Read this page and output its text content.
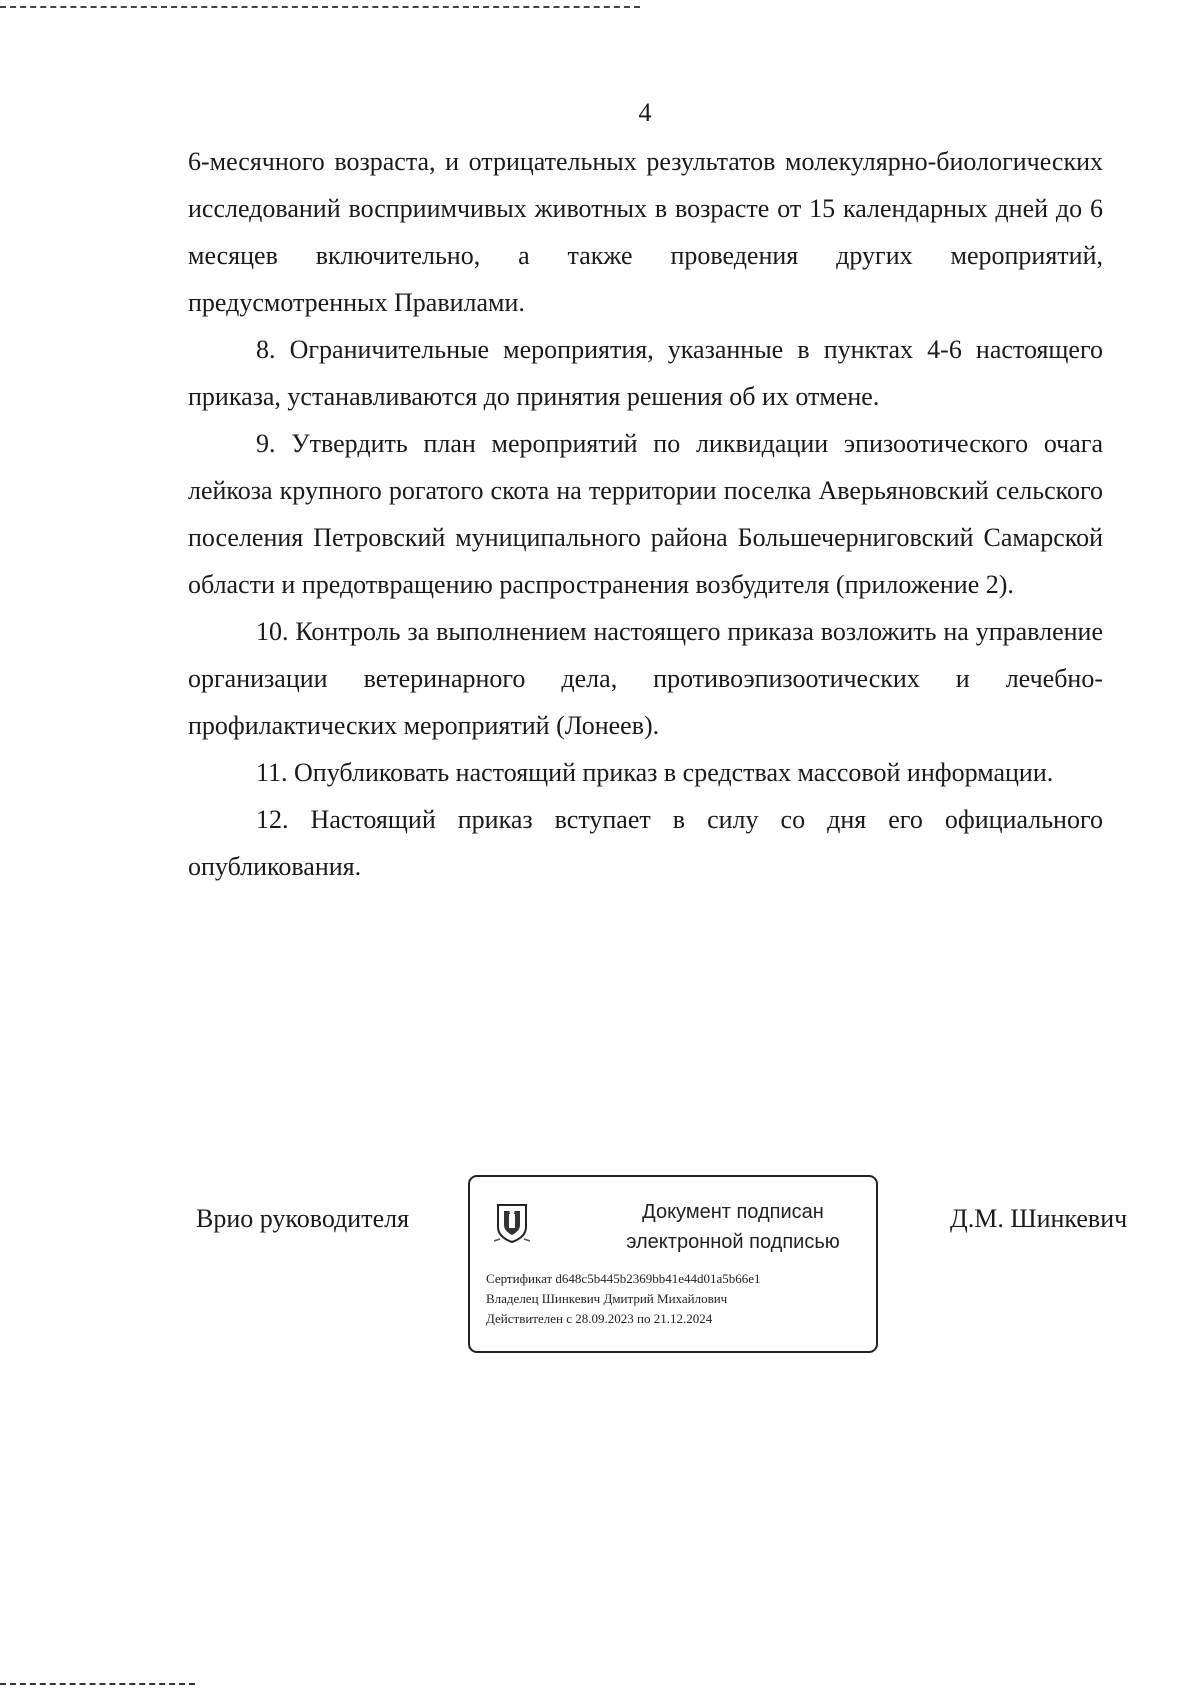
4

6-месячного возраста, и отрицательных результатов молекулярно-биологических исследований восприимчивых животных в возрасте от 15 календарных дней до 6 месяцев включительно, а также проведения других мероприятий, предусмотренных Правилами.

8. Ограничительные мероприятия, указанные в пунктах 4-6 настоящего приказа, устанавливаются до принятия решения об их отмене.

9. Утвердить план мероприятий по ликвидации эпизоотического очага лейкоза крупного рогатого скота на территории поселка Аверьяновский сельского поселения Петровский муниципального района Большечерниговский Самарской области и предотвращению распространения возбудителя (приложение 2).

10. Контроль за выполнением настоящего приказа возложить на управление организации ветеринарного дела, противоэпизоотических и лечебно-профилактических мероприятий (Лонеев).

11. Опубликовать настоящий приказ в средствах массовой информации.

12. Настоящий приказ вступает в силу со дня его официального опубликования.

Врио руководителя	Документ подписан
электронной подписью
Сертификат d648c5b445b2369bb41e44d01a5b66e1
Владелец Шинкевич Дмитрий Михайлович
Действителен с 28.09.2023 по 21.12.2024
Д.М. Шинкевич
